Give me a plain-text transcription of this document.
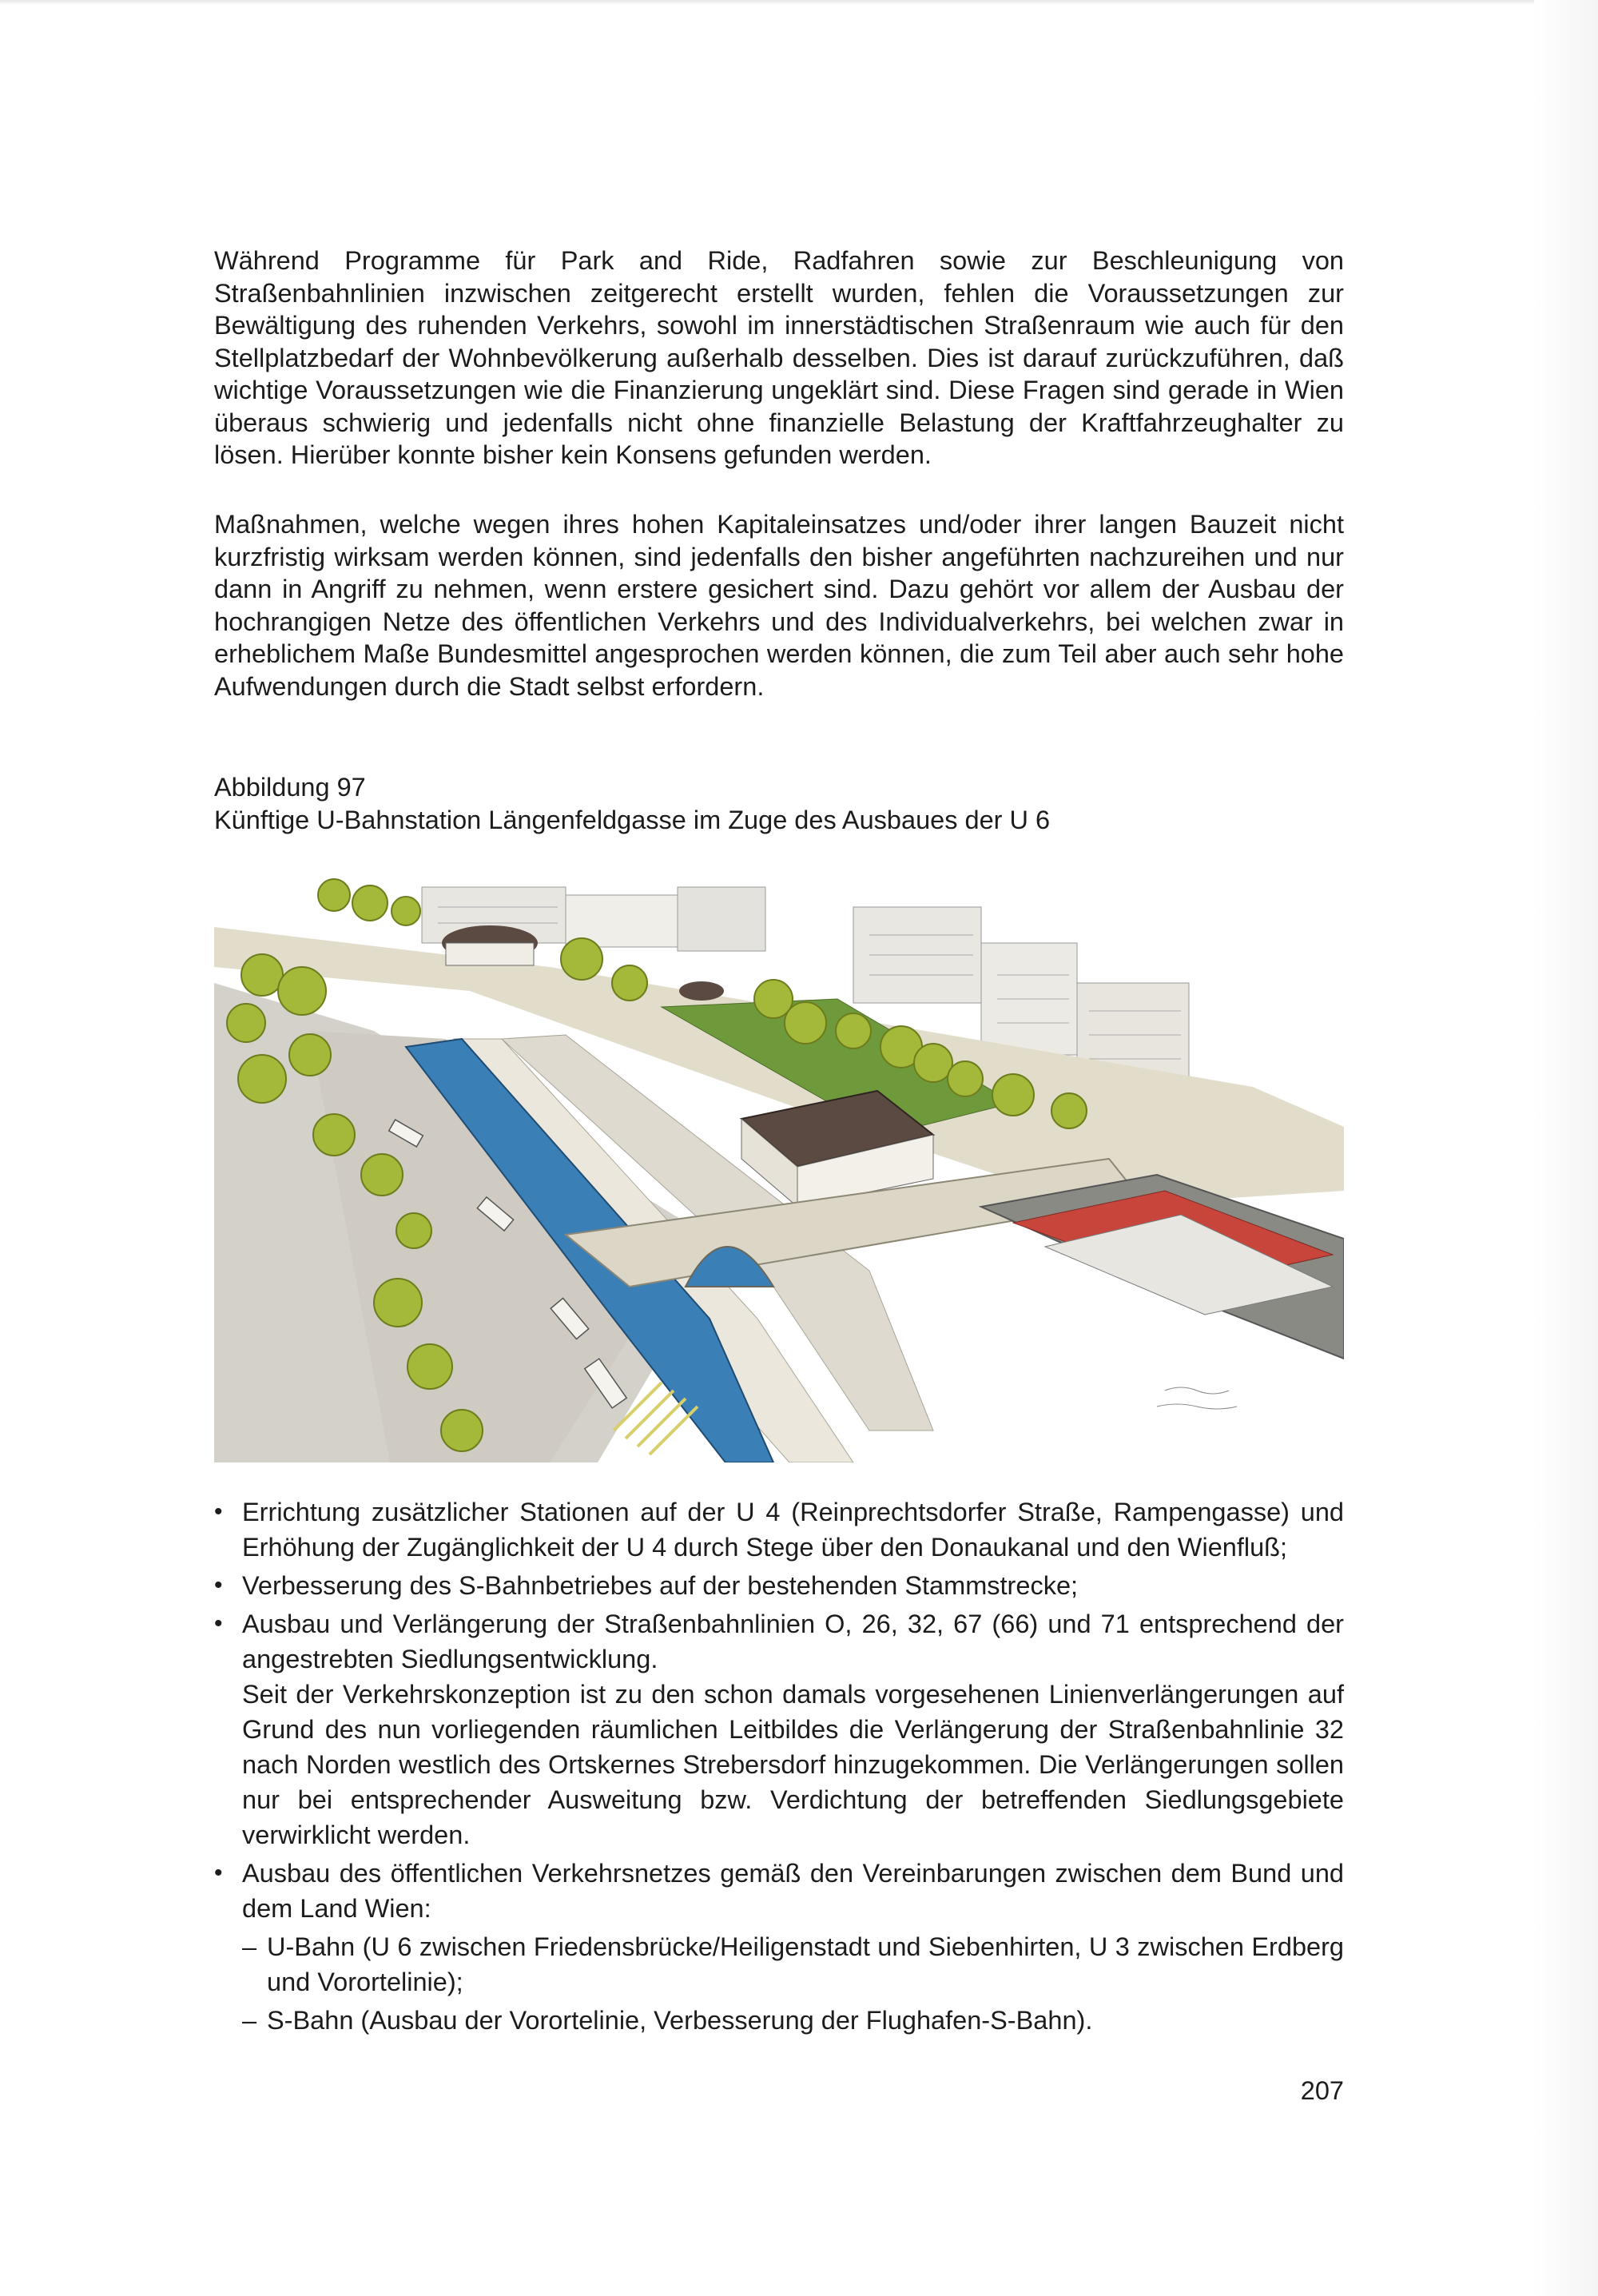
Während Programme für Park and Ride, Radfahren sowie zur Beschleunigung von Straßenbahnlinien inzwischen zeitgerecht erstellt wurden, fehlen die Voraussetzungen zur Bewältigung des ruhenden Verkehrs, sowohl im innerstädtischen Straßenraum wie auch für den Stellplatzbedarf der Wohnbevölkerung außerhalb desselben. Dies ist darauf zurückzuführen, daß wichtige Voraussetzungen wie die Finanzierung ungeklärt sind. Diese Fragen sind gerade in Wien überaus schwierig und jedenfalls nicht ohne finanzielle Belastung der Kraftfahrzeughalter zu lösen. Hierüber konnte bisher kein Konsens gefunden werden.

Maßnahmen, welche wegen ihres hohen Kapitaleinsatzes und/oder ihrer langen Bauzeit nicht kurzfristig wirksam werden können, sind jedenfalls den bisher angeführten nachzureihen und nur dann in Angriff zu nehmen, wenn erstere gesichert sind. Dazu gehört vor allem der Ausbau der hochrangigen Netze des öffentlichen Verkehrs und des Individualverkehrs, bei welchen zwar in erheblichem Maße Bundesmittel angesprochen werden können, die zum Teil aber auch sehr hohe Aufwendungen durch die Stadt selbst erfordern.

Abbildung 97

Künftige U-Bahnstation Längenfeldgasse im Zuge des Ausbaues der U 6

• Errichtung zusätzlicher Stationen auf der U 4 (Reinprechtsdorfer Straße, Rampengasse) und Erhöhung der Zugänglichkeit der U 4 durch Stege über den Donaukanal und den Wienfluß;

• Verbesserung des S-Bahnbetriebes auf der bestehenden Stammstrecke;

• Ausbau und Verlängerung der Straßenbahnlinien O, 26, 32, 67 (66) und 71 entsprechend der angestrebten Siedlungsentwicklung.

Seit der Verkehrskonzeption ist zu den schon damals vorgesehenen Linienverlängerungen auf Grund des nun vorliegenden räumlichen Leitbildes die Verlängerung der Straßenbahnlinie 32 nach Norden westlich des Ortskernes Strebersdorf hinzugekommen. Die Verlängerungen sollen nur bei entsprechender Ausweitung bzw. Verdichtung der betreffenden Siedlungsgebiete verwirklicht werden.

• Ausbau des öffentlichen Verkehrsnetzes gemäß den Vereinbarungen zwischen dem Bund und dem Land Wien:

– U-Bahn (U 6 zwischen Friedensbrücke/Heiligenstadt und Siebenhirten, U 3 zwischen Erdberg und Vorortelinie);
– S-Bahn (Ausbau der Vorortelinie, Verbesserung der Flughafen-S-Bahn).
207
